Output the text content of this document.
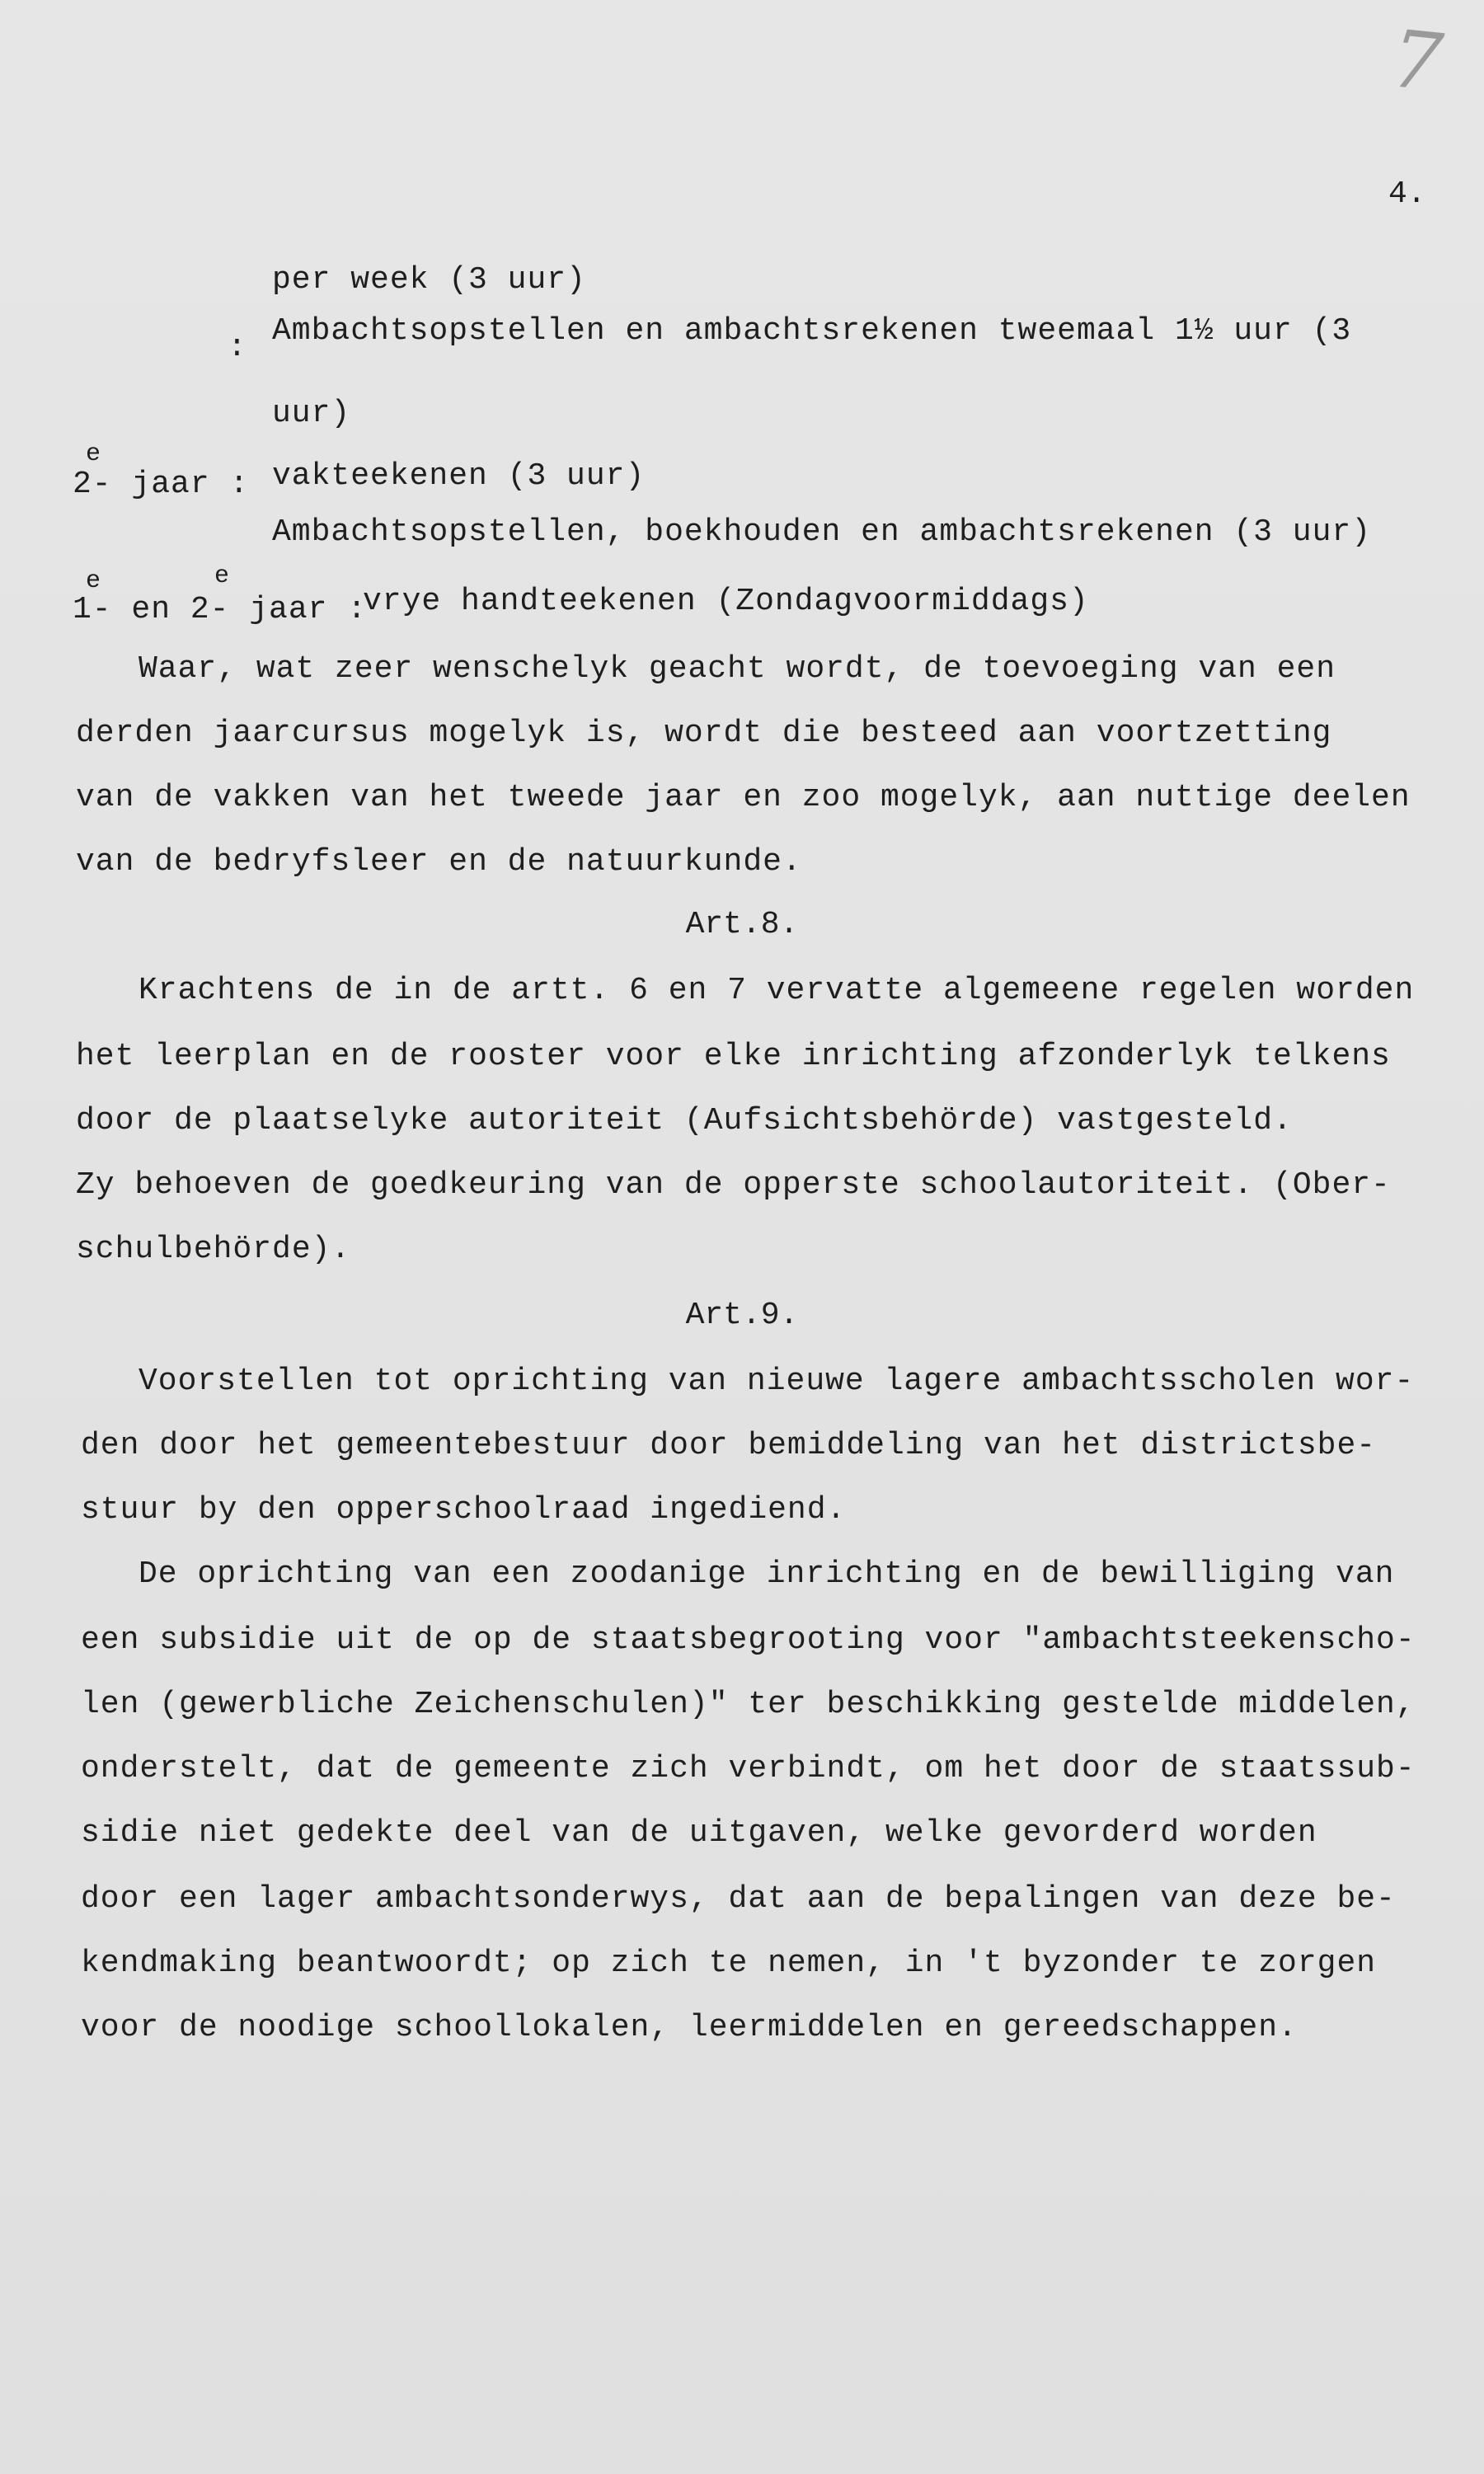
7
4.
per week (3 uur)
: Ambachtsopstellen en ambachtsrekenen tweemaal 1½ uur (3
uur)
e
2- jaar : vakteekenen (3 uur)
Ambachtsopstellen, boekhouden en ambachtsrekenen (3 uur)
e	e
1- en 2- jaar :
vrye handteekenen (Zondagvoormiddags)
Waar, wat zeer wenschelyk geacht wordt, de toevoeging van een
derden jaarcursus mogelyk is, wordt die besteed aan voortzetting
van de vakken van het tweede jaar en zoo mogelyk, aan nuttige deelen
van de bedryfsleer en de natuurkunde.
Art.8.
Krachtens de in de artt. 6 en 7 vervatte algemeene regelen worden
het leerplan en de rooster voor elke inrichting afzonderlyk telkens
door de plaatselyke autoriteit (Aufsichtsbehörde) vastgesteld.
Zy behoeven de goedkeuring van de opperste schoolautoriteit. (Ober-
schulbehörde).
Art.9.
Voorstellen tot oprichting van nieuwe lagere ambachtsscholen wor-
den door het gemeentebestuur door bemiddeling van het districtsbe-
stuur by den opperschoolraad ingediend.
De oprichting van een zoodanige inrichting en de bewilliging van
een subsidie uit de op de staatsbegrooting voor "ambachtsteekenscho-
len (gewerbliche Zeichenschulen)" ter beschikking gestelde middelen,
onderstelt, dat de gemeente zich verbindt, om het door de staatssub-
sidie niet gedekte deel van de uitgaven, welke gevorderd worden
door een lager ambachtsonderwys, dat aan de bepalingen van deze be-
kendmaking beantwoordt; op zich te nemen, in 't byzonder te zorgen
voor de noodige schoollokalen, leermiddelen en gereedschappen.
